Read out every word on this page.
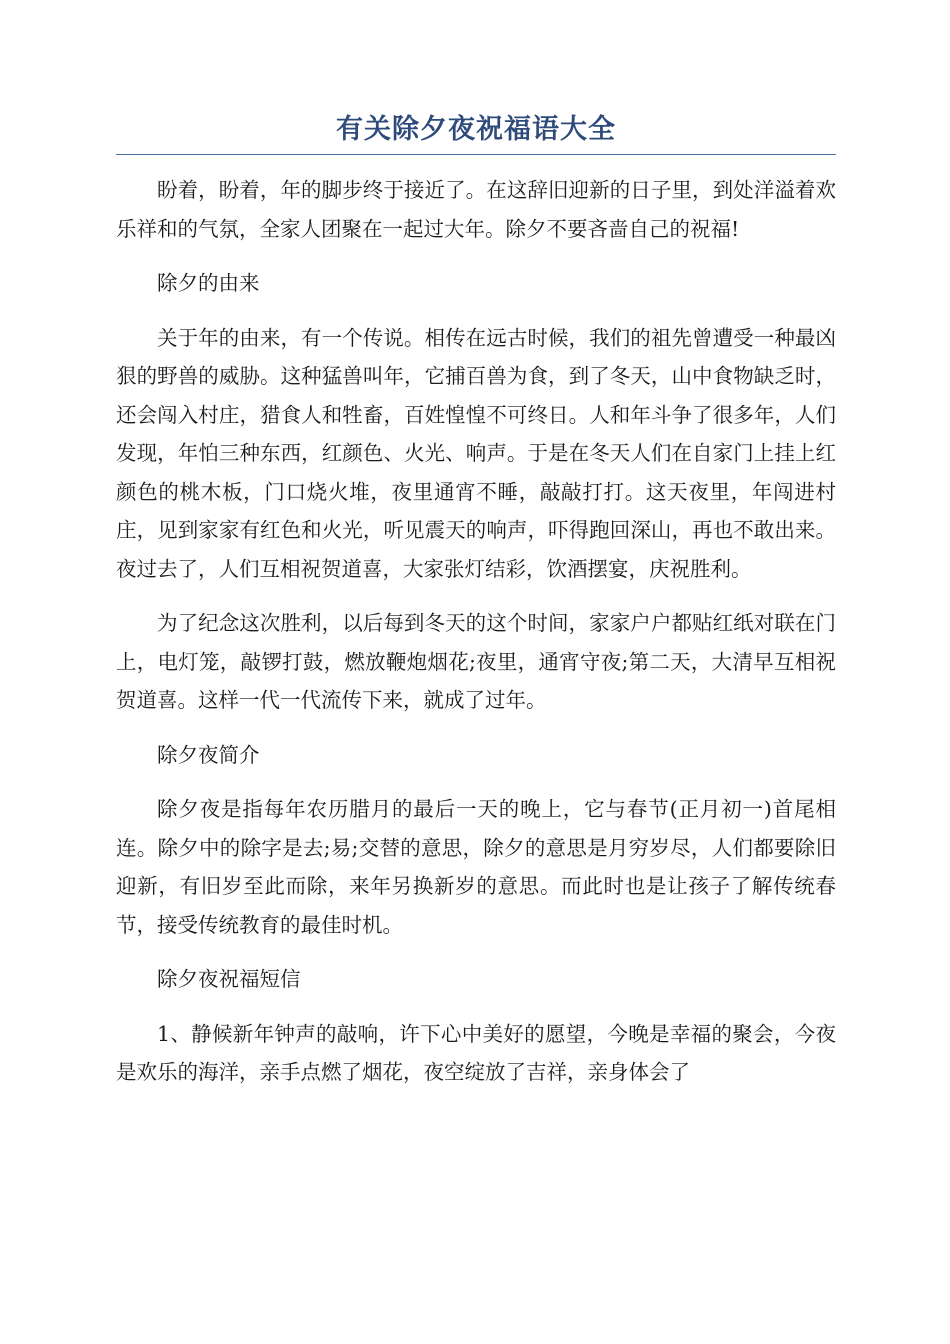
有关除夕夜祝福语大全

盼着，盼着，年的脚步终于接近了。在这辞旧迎新的日子里，到处洋溢着欢乐祥和的气氛，全家人团聚在一起过大年。除夕不要吝啬自己的祝福!

除夕的由来

关于年的由来，有一个传说。相传在远古时候，我们的祖先曾遭受一种最凶狠的野兽的威胁。这种猛兽叫年，它捕百兽为食，到了冬天，山中食物缺乏时，还会闯入村庄，猎食人和牲畜，百姓惶惶不可终日。人和年斗争了很多年，人们发现，年怕三种东西，红颜色、火光、响声。于是在冬天人们在自家门上挂上红颜色的桃木板，门口烧火堆，夜里通宵不睡，敲敲打打。这天夜里，年闯进村庄，见到家家有红色和火光，听见震天的响声，吓得跑回深山，再也不敢出来。夜过去了，人们互相祝贺道喜，大家张灯结彩，饮酒摆宴，庆祝胜利。

为了纪念这次胜利，以后每到冬天的这个时间，家家户户都贴红纸对联在门上，电灯笼，敲锣打鼓，燃放鞭炮烟花;夜里，通宵守夜;第二天，大清早互相祝贺道喜。这样一代一代流传下来，就成了过年。

除夕夜简介

除夕夜是指每年农历腊月的最后一天的晚上，它与春节(正月初一)首尾相连。除夕中的除字是去;易;交替的意思，除夕的意思是月穷岁尽，人们都要除旧迎新，有旧岁至此而除，来年另换新岁的意思。而此时也是让孩子了解传统春节，接受传统教育的最佳时机。

除夕夜祝福短信

1、静候新年钟声的敲响，许下心中美好的愿望，今晚是幸福的聚会，今夜是欢乐的海洋，亲手点燃了烟花，夜空绽放了吉祥，亲身体会了
